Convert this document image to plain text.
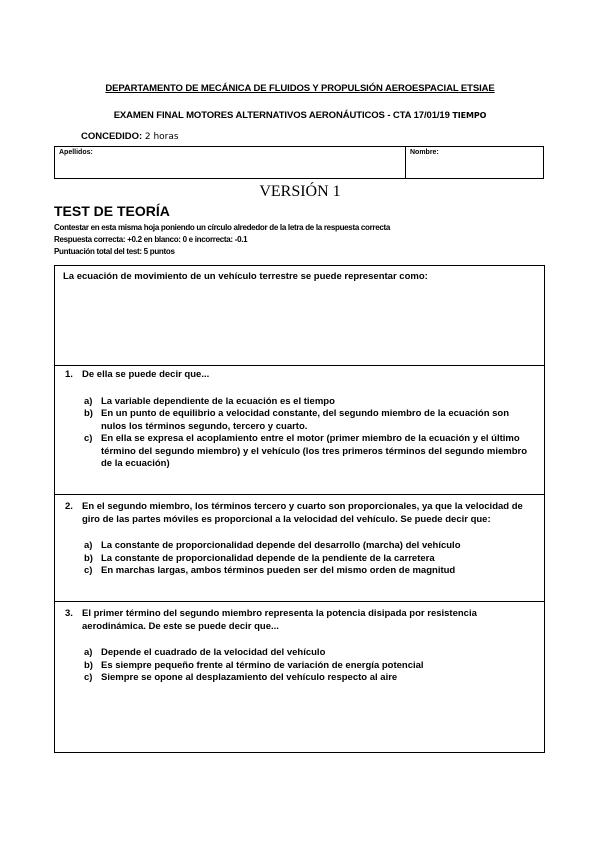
DEPARTAMENTO DE MECÁNICA DE FLUIDOS Y PROPULSIÓN AEROESPACIAL ETSIAE
EXAMEN FINAL MOTORES ALTERNATIVOS AERONÁUTICOS - CTA 17/01/19 TIEMPO
CONCEDIDO: 2 horas
Apellidos:	Nombre:
VERSIÓN 1
TEST DE TEORÍA
Contestar en esta misma hoja poniendo un círculo alrededor de la letra de la respuesta correcta
Respuesta correcta: +0.2 en blanco: 0 e incorrecta: -0.1
Puntuación total del test: 5 puntos
La ecuación de movimiento de un vehículo terrestre se puede representar como:
1. De ella se puede decir que...
a) La variable dependiente de la ecuación es el tiempo
b) En un punto de equilibrio a velocidad constante, del segundo miembro de la ecuación son nulos los términos segundo, tercero y cuarto.
c) En ella se expresa el acoplamiento entre el motor (primer miembro de la ecuación y el último término del segundo miembro) y el vehículo (los tres primeros términos del segundo miembro de la ecuación)
2. En el segundo miembro, los términos tercero y cuarto son proporcionales, ya que la velocidad de giro de las partes móviles es proporcional a la velocidad del vehículo. Se puede decir que:
a) La constante de proporcionalidad depende del desarrollo (marcha) del vehículo
b) La constante de proporcionalidad depende de la pendiente de la carretera
c) En marchas largas, ambos términos pueden ser del mismo orden de magnitud
3. El primer término del segundo miembro representa la potencia disipada por resistencia aerodinámica. De este se puede decir que...
a) Depende el cuadrado de la velocidad del vehículo
b) Es siempre pequeño frente al término de variación de energía potencial
c) Siempre se opone al desplazamiento del vehículo respecto al aire
